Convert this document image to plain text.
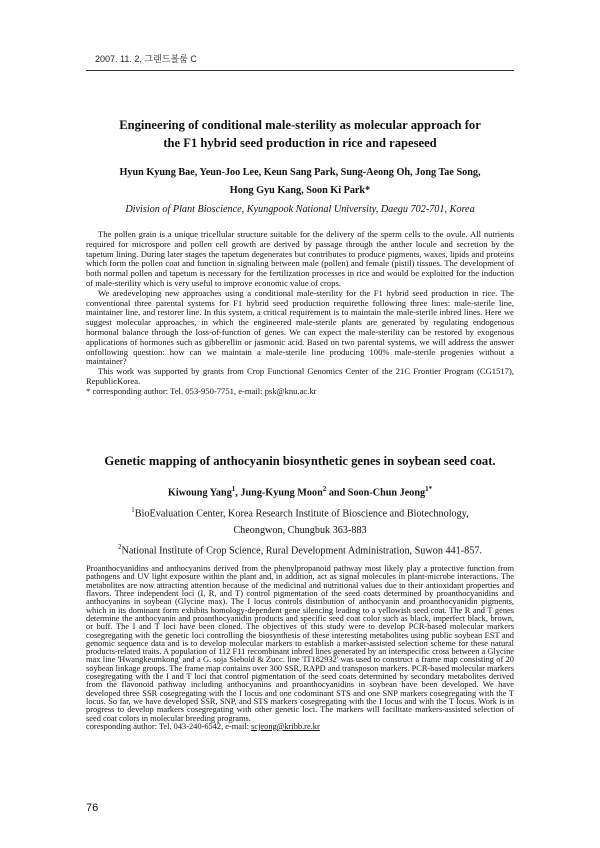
2007. 11. 2, 그랜드볼룸 C
Engineering of conditional male-sterility as molecular approach for
the F1 hybrid seed production in rice and rapeseed
Hyun Kyung Bae, Yeun-Joo Lee, Keun Sang Park, Sung-Aeong Oh, Jong Tae Song,
Hong Gyu Kang, Soon Ki Park*
Division of Plant Bioscience, Kyungpook National University, Daegu 702-701, Korea

The pollen grain is a unique tricellular structure suitable for the delivery of the sperm cells to the ovule. All nutrients required for microspore and pollen cell growth are derived by passage through the anther locule and secretion by the tapetum lining. During later stages the tapetum degenerates but contributes to produce pigments, waxes, lipids and proteins which form the pollen coat and function in signaling between male (pollen) and female (pistil) tissues. The development of both normal pollen and tapetum is necessary for the fertilization processes in rice and would be exploited for the induction of male-sterility which is very useful to improve economic value of crops.

We aredeveloping new approaches using a conditional male-sterility for the F1 hybrid seed production in rice. The conventional three parental systems for F1 hybrid seed production requirethe following three lines: male-sterile line, maintainer line, and restorer line. In this system, a critical requirement is to maintain the male-sterile inbred lines. Here we suggest molecular approaches, in which the engineered male-sterile plants are generated by regulating endogenous hormonal balance through the loss-of-function of genes. We can expect the male-sterility can be restored by exogenous applications of hormones such as gibberellin or jasmonic acid. Based on two parental systems, we will address the answer onfollowing question: how can we maintain a male-sterile line producing 100% male-sterile progenies without a maintainer?

This work was supported by grants from Crop Functional Genomics Center of the 21C Frontier Program (CG1517), RepublicKorea.

* corresponding author: Tel. 053-950-7751, e-mail: psk@knu.ac.kr

Genetic mapping of anthocyanin biosynthetic genes in soybean seed coat.
Kiwoung Yang$^1$, Jung-Kyung Moon$^2$ and Soon-Chun Jeong$^{1*}$
$^1$BioEvaluation Center, Korea Research Institute of Bioscience and Biotechnology,
Cheongwon, Chungbuk 363-883
$^2$National Institute of Crop Science, Rural Development Administration, Suwon 441-857.

Proanthocyanidins and anthocyanins derived from the phenylpropanoid pathway most likely play a protective function from pathogens and UV light exposure within the plant and, in addition, act as signal molecules in plant-microbe interactions. The metabolites are now attracting attention because of the medicinal and nutritional values due to their antioxidant properties and flavors. Three independent loci (I, R, and T) control pigmentation of the seed coats determined by proanthocyanidins and anthocyanins in soybean (Glycine max). The I locus controls distribution of anthocyanin and proanthocyanidin pigments, which in its dominant form exhibits homology-dependent gene silencing leading to a yellowish seed coat. The R and T genes determine the anthocyanin and proanthocyanidin products and specific seed coat color such as black, imperfect black, brown, or buff. The I and T loci have been cloned. The objectives of this study were to develop PCR-based molecular markers cosegregating with the genetic loci controlling the biosynthesis of these interesting metabolites using public soybean EST and genomic sequence data and is to develop molecular markers to establish a marker-assisted selection scheme for these natural products-related traits. A population of 112 F11 recombinant inbred lines generated by an interspecific cross between a Glycine max line 'Hwangkeumkong' and a G. soja Siebold & Zucc. line 'IT182932' was used to construct a frame map consisting of 20 soybean linkage groups. The frame map contains over 300 SSR, RAPD and transposon markers. PCR-based molecular markers cosegregating with the I and T loci that control pigmentation of the seed coats determined by secondary metabolites derived from the flavonoid pathway including anthocyanins and proanthocyanidins in soybean have been developed. We have developed three SSR cosegregating with the I locus and one codominant STS and one SNP markers cosegregating with the T locus. So far, we have developed SSR, SNP, and STS markers cosegregating with the I locus and with the T locus. Work is in progress to develop markers cosegregating with other genetic loci. The markers will facilitate markers-assisted selection of seed coat colors in molecular breeding programs.

coresponding author: Tel. 043-240-6542, e-mail: scjeong@kribb.re.kr

76
